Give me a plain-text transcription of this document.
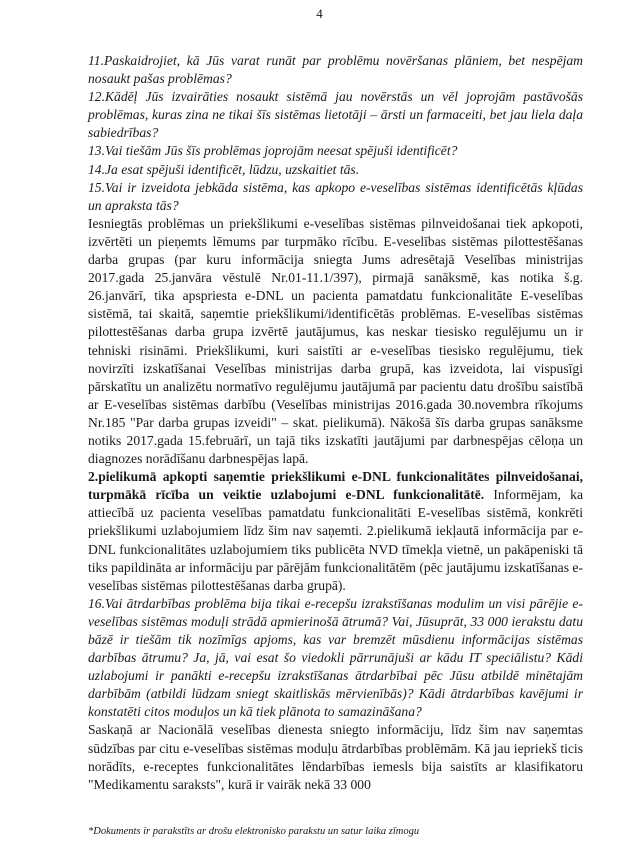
4

11.Paskaidrojiet, kā Jūs varat runāt par problēmu novēršanas plāniem, bet nespējam nosaukt pašas problēmas?

12.Kādēļ Jūs izvairāties nosaukt sistēmā jau novērstās un vēl joprojām pastāvošās problēmas, kuras zina ne tikai šīs sistēmas lietotāji – ārsti un farmaceiti, bet jau liela daļa sabiedrības?

13.Vai tiešām Jūs šīs problēmas joprojām neesat spējuši identificēt?

14.Ja esat spējuši identificēt, lūdzu, uzskaitiet tās.

15.Vai ir izveidota jebkāda sistēma, kas apkopo e-veselības sistēmas identificētās kļūdas un apraksta tās?

Iesniegtās problēmas un priekšlikumi e-veselības sistēmas pilnveidošanai tiek apkopoti, izvērtēti un pieņemts lēmums par turpmāko rīcību. E-veselības sistēmas pilottestēšanas darba grupas (par kuru informācija sniegta Jums adresētajā Veselības ministrijas 2017.gada 25.janvāra vēstulē Nr.01-11.1/397), pirmajā sanāksmē, kas notika š.g. 26.janvārī, tika apspriesta e-DNL un pacienta pamatdatu funkcionalitāte E-veselības sistēmā, tai skaitā, saņemtie priekšlikumi/identificētās problēmas. E-veselības sistēmas pilottestēšanas darba grupa izvērtē jautājumus, kas neskar tiesisko regulējumu un ir tehniski risināmi. Priekšlikumi, kuri saistīti ar e-veselības tiesisko regulējumu, tiek novirzīti izskatīšanai Veselības ministrijas darba grupā, kas izveidota, lai vispusīgi pārskatītu un analizētu normatīvo regulējumu jautājumā par pacientu datu drošību saistībā ar E-veselības sistēmas darbību (Veselības ministrijas 2016.gada 30.novembra rīkojums Nr.185 "Par darba grupas izveidi" – skat. pielikumā). Nākošā šīs darba grupas sanāksme notiks 2017.gada 15.februārī, un tajā tiks izskatīti jautājumi par darbnespējas cēloņa un diagnozes norādīšanu darbnespējas lapā.

2.pielikumā apkopti saņemtie priekšlikumi e-DNL funkcionalitātes pilnveidošanai, turpmākā rīcība un veiktie uzlabojumi e-DNL funkcionalitātē. Informējam, ka attiecībā uz pacienta veselības pamatdatu funkcionalitāti E-veselības sistēmā, konkrēti priekšlikumi uzlabojumiem līdz šim nav saņemti. 2.pielikumā iekļautā informācija par e-DNL funkcionalitātes uzlabojumiem tiks publicēta NVD tīmekļa vietnē, un pakāpeniski tā tiks papildināta ar informāciju par pārējām funkcionalitātēm (pēc jautājumu izskatīšanas e-veselības sistēmas pilottestēšanas darba grupā).

16.Vai ātrdarbības problēma bija tikai e-recepšu izrakstīšanas modulim un visi pārējie e-veselības sistēmas moduļi strādā apmierinošā ātrumā? Vai, Jūsuprāt, 33 000 ierakstu datu bāzē ir tiešām tik nozīmīgs apjoms, kas var bremzēt mūsdienu informācijas sistēmas darbības ātrumu? Ja, jā, vai esat šo viedokli pārrunājuši ar kādu IT speciālistu? Kādi uzlabojumi ir panākti e-recepšu izrakstīšanas ātrdarbībai pēc Jūsu atbildē minētajām darbībām (atbildi lūdzam sniegt skaitliskās mērvienībās)? Kādi ātrdarbības kavējumi ir konstatēti citos moduļos un kā tiek plānota to samazināšana?

Saskaņā ar Nacionālā veselības dienesta sniegto informāciju, līdz šim nav saņemtas sūdzības par citu e-veselības sistēmas moduļu ātrdarbības problēmām. Kā jau iepriekš ticis norādīts, e-receptes funkcionalitātes lēndarbības iemesls bija saistīts ar klasifikatoru "Medikamentu saraksts", kurā ir vairāk nekā 33 000

*Dokuments ir parakstīts ar drošu elektronisko parakstu un satur laika zīmogu
